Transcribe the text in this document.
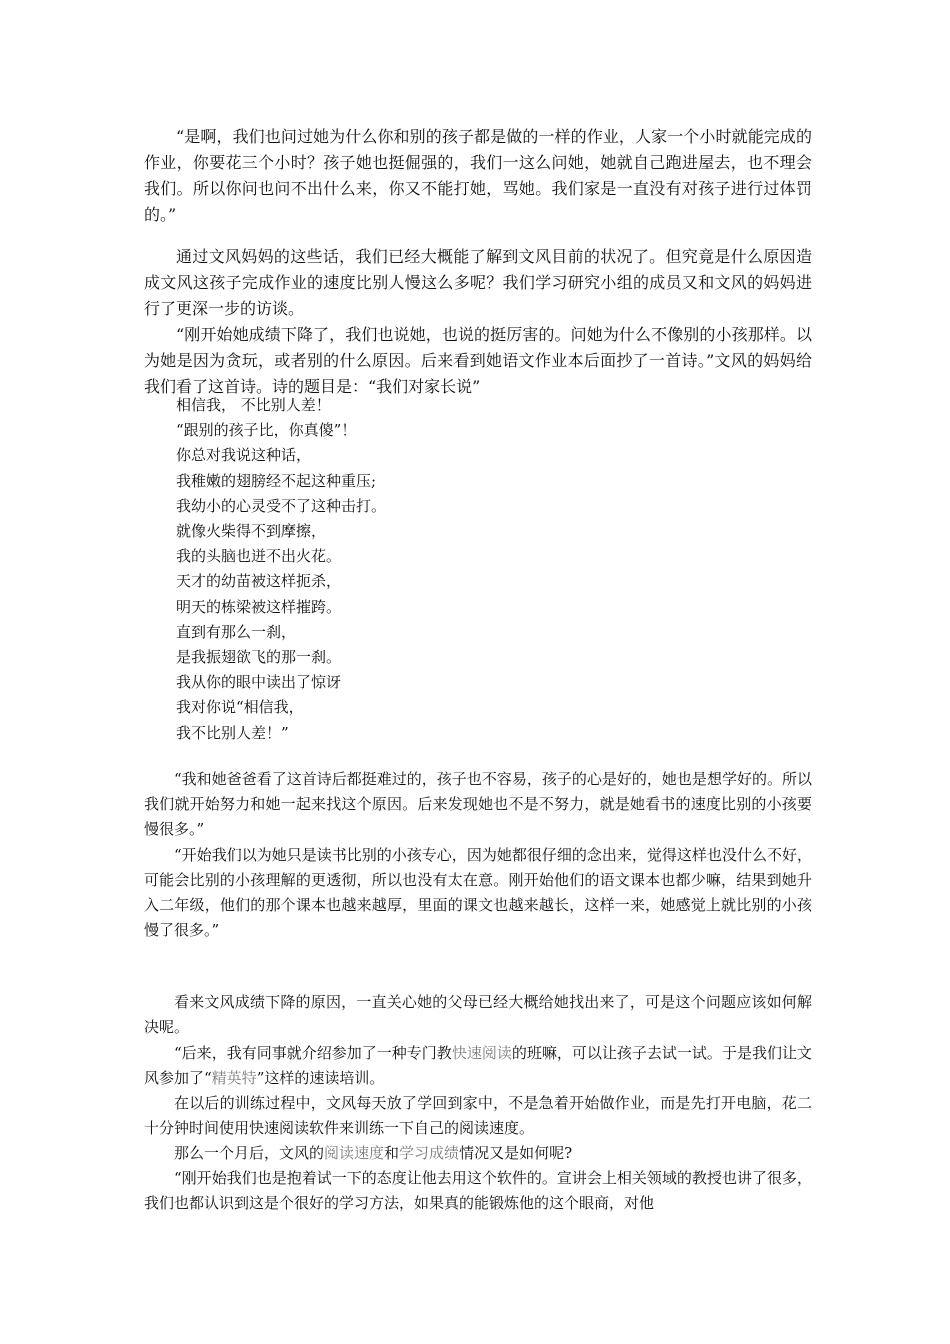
“是啊，我们也问过她为什么你和别的孩子都是做的一样的作业，人家一个小时就能完成的作业，你要花三个小时？孩子她也挺倔强的，我们一这么问她，她就自己跑进屋去，也不理会我们。所以你问也问不出什么来，你又不能打她，骂她。我们家是一直没有对孩子进行过体罚的。”

通过文风妈妈的这些话，我们已经大概能了解到文风目前的状况了。但究竟是什么原因造成文风这孩子完成作业的速度比别人慢这么多呢？我们学习研究小组的成员又和文风的妈妈进行了更深一步的访谈。

“刚开始她成绩下降了，我们也说她，也说的挺厉害的。问她为什么不像别的小孩那样。以为她是因为贪玩，或者别的什么原因。后来看到她语文作业本后面抄了一首诗。”文风的妈妈给我们看了这首诗。诗的题目是：“我们对家长说”

相信我， 不比别人差！
“跟别的孩子比，你真傻”！
你总对我说这种话，
我稚嫩的翅膀经不起这种重压;
我幼小的心灵受不了这种击打。
就像火柴得不到摩擦，
我的头脑也迸不出火花。
天才的幼苗被这样扼杀，
明天的栋梁被这样摧跨。
直到有那么一刹，
是我振翅欲飞的那一刹。
我从你的眼中读出了惊讶
我对你说“相信我，
我不比别人差！”

“我和她爸爸看了这首诗后都挺难过的，孩子也不容易，孩子的心是好的，她也是想学好的。所以我们就开始努力和她一起来找这个原因。后来发现她也不是不努力，就是她看书的速度比别的小孩要慢很多。”

“开始我们以为她只是读书比别的小孩专心，因为她都很仔细的念出来，觉得这样也没什么不好，可能会比别的小孩理解的更透彻，所以也没有太在意。刚开始他们的语文课本也都少嘛，结果到她升入二年级，他们的那个课本也越来越厚，里面的课文也越来越长，这样一来，她感觉上就比别的小孩慢了很多。”

看来文风成绩下降的原因，一直关心她的父母已经大概给她找出来了，可是这个问题应该如何解决呢。

“后来，我有同事就介绍参加了一种专门教快速阅读的班嘛，可以让孩子去试一试。于是我们让文风参加了“精英特”这样的速读培训。

在以后的训练过程中，文风每天放了学回到家中，不是急着开始做作业，而是先打开电脑，花二十分钟时间使用快速阅读软件来训练一下自己的阅读速度。

那么一个月后，文风的阅读速度和学习成绩情况又是如何呢?

“刚开始我们也是抱着试一下的态度让他去用这个软件的。宣讲会上相关领域的教授也讲了很多，我们也都认识到这是个很好的学习方法，如果真的能锻炼他的这个眼商，对他
